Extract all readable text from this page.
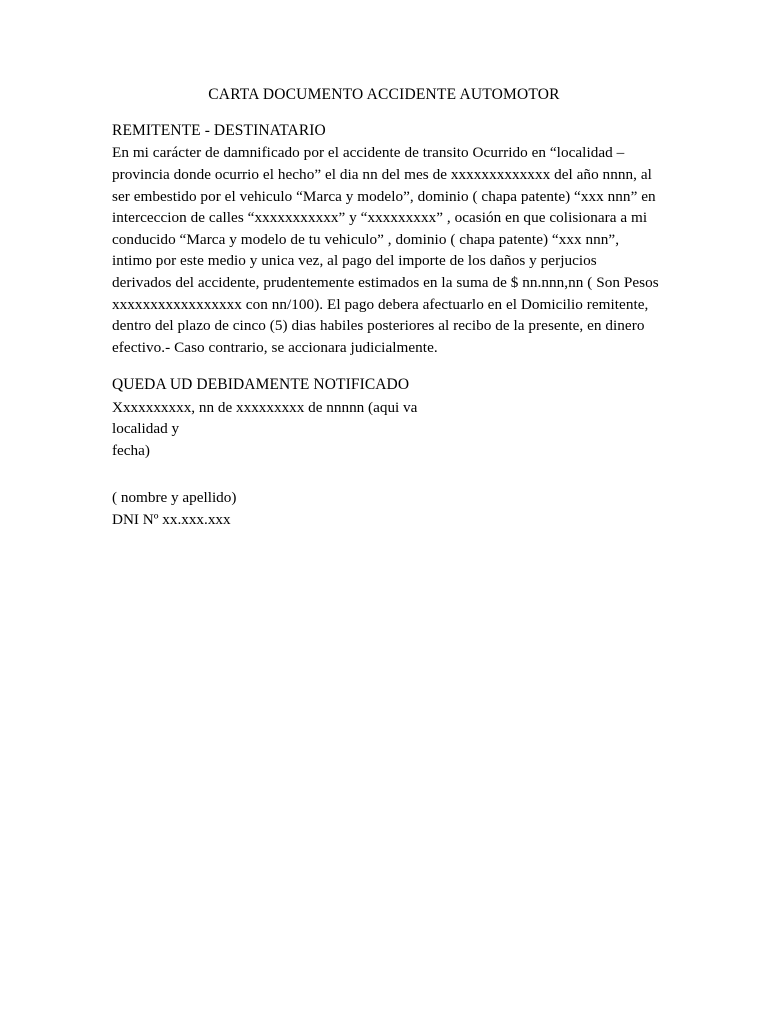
CARTA DOCUMENTO ACCIDENTE AUTOMOTOR
REMITENTE - DESTINATARIO
En mi carácter de damnificado por el accidente de transito Ocurrido en “localidad – provincia donde ocurrio el hecho” el dia nn del mes de xxxxxxxxxxxxx del año nnnn, al ser embestido por el vehiculo “Marca y modelo”, dominio ( chapa patente) “xxx nnn” en interceccion de calles “xxxxxxxxxxx” y “xxxxxxxxx” , ocasión en que colisionara a mi conducido “Marca y modelo de tu vehiculo” , dominio ( chapa patente) “xxx nnn”, intimo por este medio y unica vez, al pago del importe de los daños y perjucios derivados del accidente, prudentemente estimados en la suma de $ nn.nnn,nn ( Son Pesos xxxxxxxxxxxxxxxxx con nn/100). El pago debera afectuarlo en el Domicilio remitente, dentro del plazo de cinco (5) dias habiles posteriores al recibo de la presente, en dinero efectivo.- Caso contrario, se accionara judicialmente.
QUEDA UD DEBIDAMENTE NOTIFICADO
Xxxxxxxxxx, nn de xxxxxxxxx de nnnnn (aqui va
localidad y
fecha)
( nombre y apellido)
DNI Nº xx.xxx.xxx
